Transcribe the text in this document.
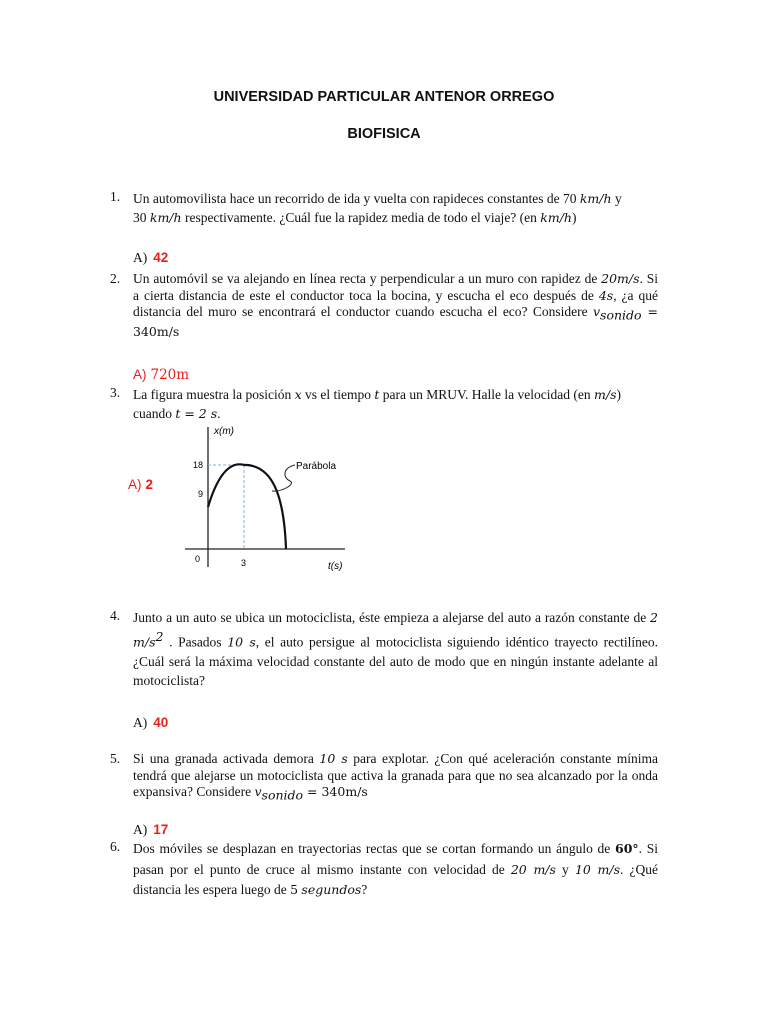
UNIVERSIDAD PARTICULAR ANTENOR ORREGO
BIOFISICA
1. Un automovilista hace un recorrido de ida y vuelta con rapideces constantes de 70 km/h y
30 km/h respectivamente. ¿Cuál fue la rapidez media de todo el viaje? (en km/h)
A) 42
2. Un automóvil se va alejando en línea recta y perpendicular a un muro con rapidez de 20m/s. Si a cierta distancia de este el conductor toca la bocina, y escucha el eco después de 4s, ¿a qué distancia del muro se encontrará el conductor cuando escucha el eco? Considere $v_{sonido} = 340m/s$
A) 720m
3. La figura muestra la posición x vs el tiempo t para un MRUV. Halle la velocidad (en m/s)
cuando t = 2 s.
A) 2
x(m)
t(s)
18
9
0	3
Parábola
4. Junto a un auto se ubica un motociclista, éste empieza a alejarse del auto a razón constante de 2 $m/s^2$ . Pasados 10 s, el auto persigue al motociclista siguiendo idéntico trayecto rectilíneo. ¿Cuál será la máxima velocidad constante del auto de modo que en ningún instante adelante al motociclista?
A) 40
5. Si una granada activada demora 10 s para explotar. ¿Con qué aceleración constante mínima tendrá que alejarse un motociclista que activa la granada para que no sea alcanzado por la onda expansiva? Considere $v_{sonido} = 340m/s$
A) 17
6. Dos móviles se desplazan en trayectorias rectas que se cortan formando un ángulo de 60°. Si pasan por el punto de cruce al mismo instante con velocidad de 20 m/s y 10 m/s. ¿Qué distancia les espera luego de 5 segundos?
